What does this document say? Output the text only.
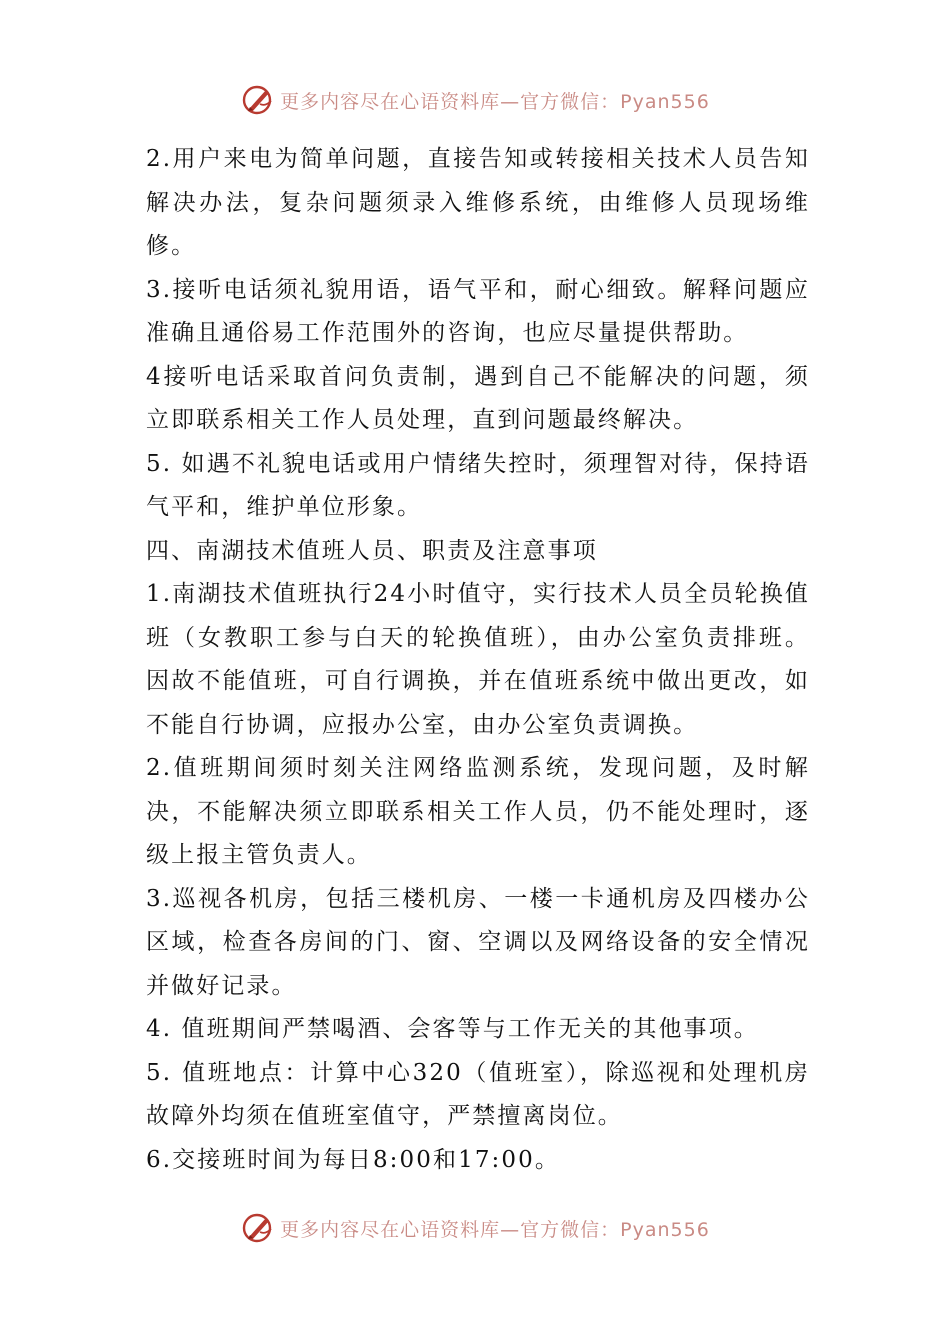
更多内容尽在心语资料库—官方微信：Pyan556

2.用户来电为简单问题，直接告知或转接相关技术人员告知解决办法，复杂问题须录入维修系统，由维修人员现场维修。

3.接听电话须礼貌用语，语气平和，耐心细致。解释问题应准确且通俗易工作范围外的咨询，也应尽量提供帮助。

4接听电话采取首问负责制，遇到自己不能解决的问题，须立即联系相关工作人员处理，直到问题最终解决。

5. 如遇不礼貌电话或用户情绪失控时，须理智对待，保持语气平和，维护单位形象。

四、南湖技术值班人员、职责及注意事项

1.南湖技术值班执行24小时值守，实行技术人员全员轮换值班（女教职工参与白天的轮换值班），由办公室负责排班。因故不能值班，可自行调换，并在值班系统中做出更改，如不能自行协调，应报办公室，由办公室负责调换。

2.值班期间须时刻关注网络监测系统，发现问题，及时解决，不能解决须立即联系相关工作人员，仍不能处理时，逐级上报主管负责人。

3.巡视各机房，包括三楼机房、一楼一卡通机房及四楼办公区域，检查各房间的门、窗、空调以及网络设备的安全情况并做好记录。

4. 值班期间严禁喝酒、会客等与工作无关的其他事项。

5. 值班地点：计算中心320（值班室），除巡视和处理机房故障外均须在值班室值守，严禁擅离岗位。

6.交接班时间为每日8:00和17:00。

更多内容尽在心语资料库—官方微信：Pyan556
